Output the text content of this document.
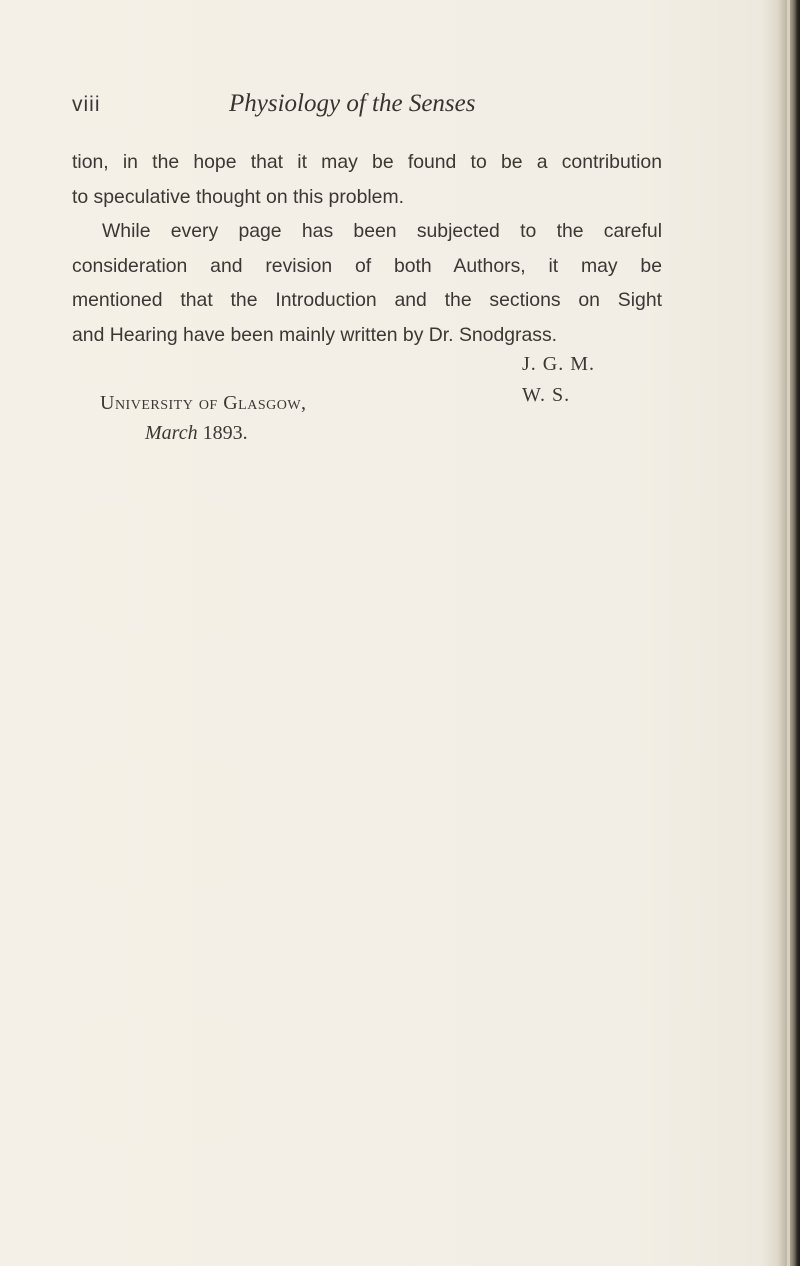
viii	Physiology of the Senses

tion, in the hope that it may be found to be a contribution

to speculative thought on this problem.

While every page has been subjected to the careful

consideration and revision of both Authors, it may be

mentioned that the Introduction and the sections on Sight

and Hearing have been mainly written by Dr. Snodgrass.

J. G. M.
W. S.
University of Glasgow,
March 1893.
